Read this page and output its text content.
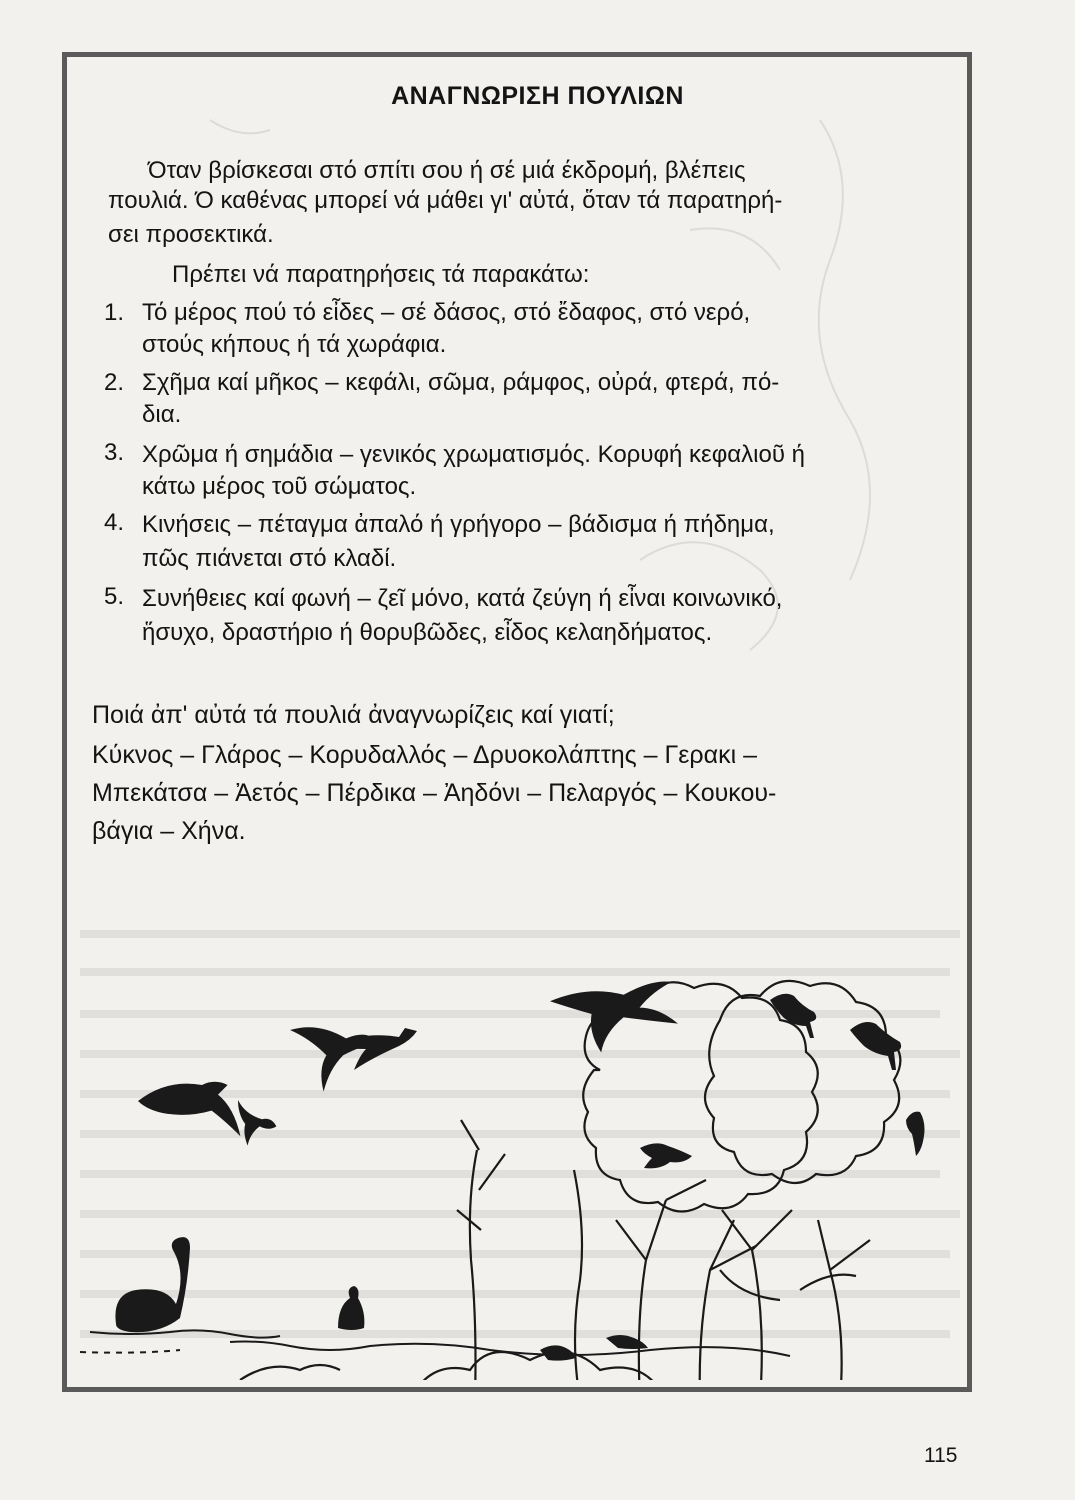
ΑΝΑΓΝΩΡΙΣΗ ΠΟΥΛΙΩΝ

Όταν βρίσκεσαι στό σπίτι σου ή σέ μιά έκδρομή, βλέπεις

πουλιά. Ό καθένας μπορεί νά μάθει γι' αὐτά, ὅταν τά παρατηρή-

σει προσεκτικά.

Πρέπει νά παρατηρήσεις τά παρακάτω:

1. Τό μέρος πού τό εἶδες – σέ δάσος, στό ἔδαφος, στό νερό,

στούς κήπους ή τά χωράφια.

2. Σχῆμα καί μῆκος – κεφάλι, σῶμα, ράμφος, οὐρά, φτερά, πό-

δια.

3. Χρῶμα ή σημάδια – γενικός χρωματισμός. Κορυφή κεφαλιοῦ ή

κάτω μέρος τοῦ σώματος.

4. Κινήσεις – πέταγμα ἀπαλό ή γρήγορο – βάδισμα ή πήδημα,

πῶς πιάνεται στό κλαδί.

5. Συνήθειες καί φωνή – ζεῖ μόνο, κατά ζεύγη ή εἶναι κοινωνικό,

ἥσυχο, δραστήριο ή θορυβῶδες, εἶδος κελαηδήματος.

Ποιά ἀπ' αὐτά τά πουλιά ἀναγνωρίζεις καί γιατί;

Κύκνος – Γλάρος – Κορυδαλλός – Δρυοκολάπτης – Γερακι –

Μπεκάτσα – Ἀετός – Πέρδικα – Ἀηδόνι – Πελαργός – Κουκου-

βάγια – Χήνα.

115
